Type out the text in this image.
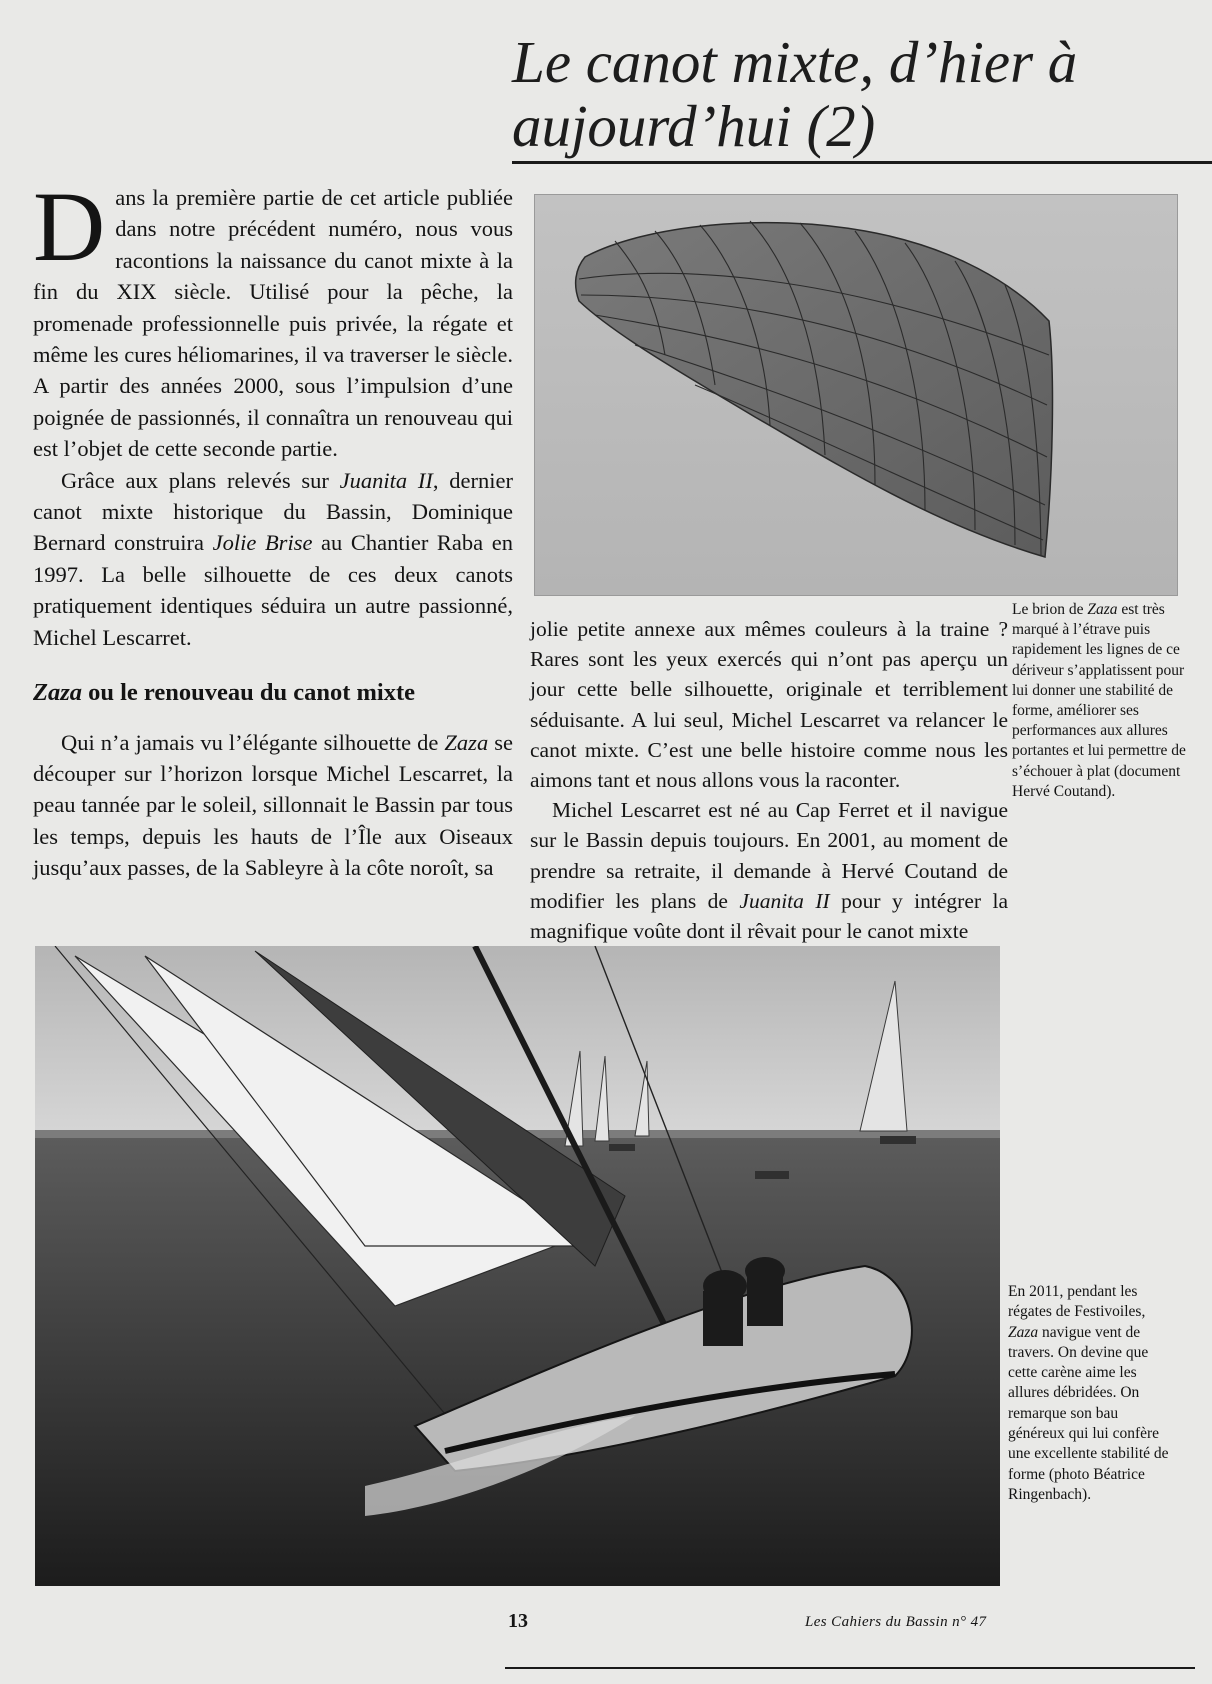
Le canot mixte, d’hier à aujourd’hui (2)

Dans la première partie de cet article publiée dans notre précédent numéro, nous vous racontions la naissance du canot mixte à la fin du XIX siècle. Utilisé pour la pêche, la promenade professionnelle puis privée, la régate et même les cures héliomarines, il va traverser le siècle. A partir des années 2000, sous l’impulsion d’une poignée de passionnés, il connaîtra un renouveau qui est l’objet de cette seconde partie.

Grâce aux plans relevés sur Juanita II, dernier canot mixte historique du Bassin, Dominique Bernard construira Jolie Brise au Chantier Raba en 1997. La belle silhouette de ces deux canots pratiquement identiques séduira un autre passionné, Michel Lescarret.

Zaza ou le renouveau du canot mixte

Qui n’a jamais vu l’élégante silhouette de Zaza se découper sur l’horizon lorsque Michel Lescarret, la peau tannée par le soleil, sillonnait le Bassin par tous les temps, depuis les hauts de l’Île aux Oiseaux jusqu’aux passes, de la Sableyre à la côte noroît, sa

jolie petite annexe aux mêmes couleurs à la traine ? Rares sont les yeux exercés qui n’ont pas aperçu un jour cette belle silhouette, originale et terriblement séduisante. A lui seul, Michel Lescarret va relancer le canot mixte. C’est une belle histoire comme nous les aimons tant et nous allons vous la raconter.

Michel Lescarret est né au Cap Ferret et il navigue sur le Bassin depuis toujours. En 2001, au moment de prendre sa retraite, il demande à Hervé Coutand de modifier les plans de Juanita II pour y intégrer la magnifique voûte dont il rêvait pour le canot mixte

Le brion de Zaza est très marqué à l’étrave puis rapidement les lignes de ce dériveur s’applatissent pour lui donner une stabilité de forme, améliorer ses performances aux allures portantes et lui permettre de s’échouer à plat (document Hervé Coutand).
En 2011, pendant les régates de Festivoiles, Zaza navigue vent de travers. On devine que cette carène aime les allures débridées. On remarque son bau généreux qui lui confère une excellente stabilité de forme (photo Béatrice Ringenbach).
13	Les Cahiers du Bassin n° 47
